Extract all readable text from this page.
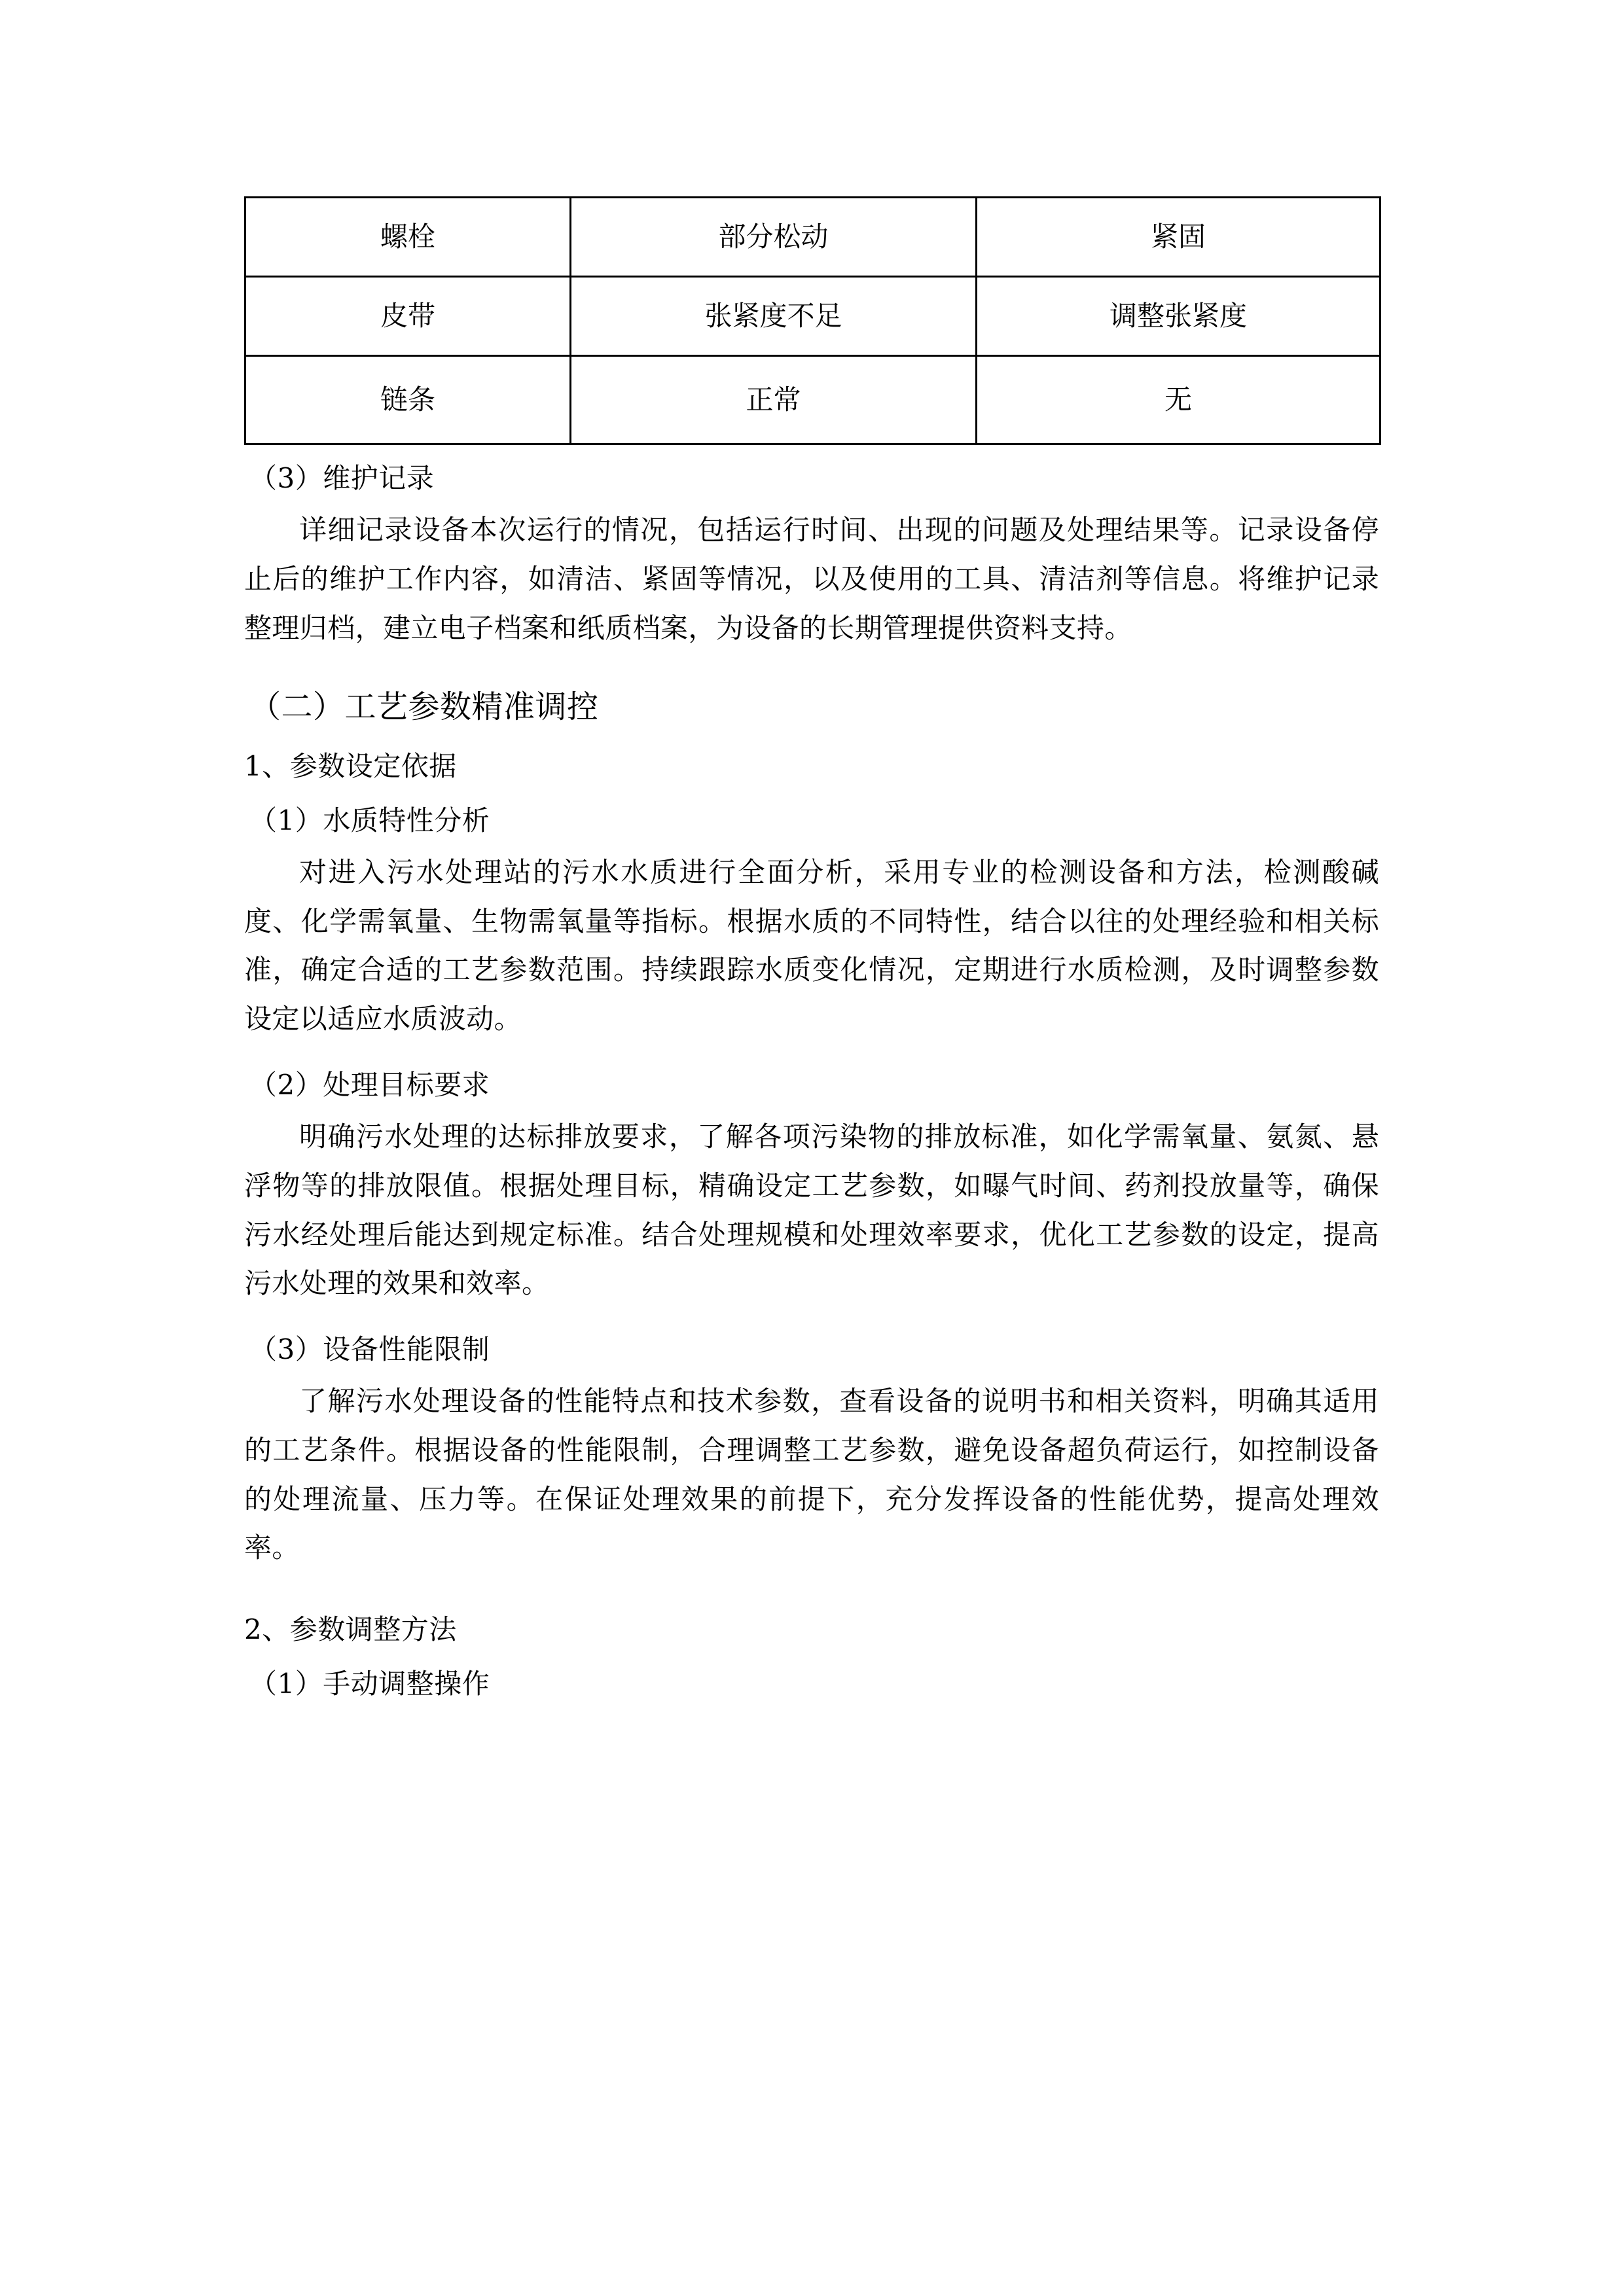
螺栓	部分松动	紧固
皮带	张紧度不足	调整张紧度
链条	正常	无
（3）维护记录

详细记录设备本次运行的情况，包括运行时间、出现的问题及处理结果等。记录设备停止后的维护工作内容，如清洁、紧固等情况，以及使用的工具、清洁剂等信息。将维护记录整理归档，建立电子档案和纸质档案，为设备的长期管理提供资料支持。

（二）工艺参数精准调控
1、参数设定依据
（1）水质特性分析

对进入污水处理站的污水水质进行全面分析，采用专业的检测设备和方法，检测酸碱度、化学需氧量、生物需氧量等指标。根据水质的不同特性，结合以往的处理经验和相关标准，确定合适的工艺参数范围。持续跟踪水质变化情况，定期进行水质检测，及时调整参数设定以适应水质波动。

（2）处理目标要求

明确污水处理的达标排放要求，了解各项污染物的排放标准，如化学需氧量、氨氮、悬浮物等的排放限值。根据处理目标，精确设定工艺参数，如曝气时间、药剂投放量等，确保污水经处理后能达到规定标准。结合处理规模和处理效率要求，优化工艺参数的设定，提高污水处理的效果和效率。

（3）设备性能限制

了解污水处理设备的性能特点和技术参数，查看设备的说明书和相关资料，明确其适用的工艺条件。根据设备的性能限制，合理调整工艺参数，避免设备超负荷运行，如控制设备的处理流量、压力等。在保证处理效果的前提下，充分发挥设备的性能优势，提高处理效率。

2、参数调整方法
（1）手动调整操作
